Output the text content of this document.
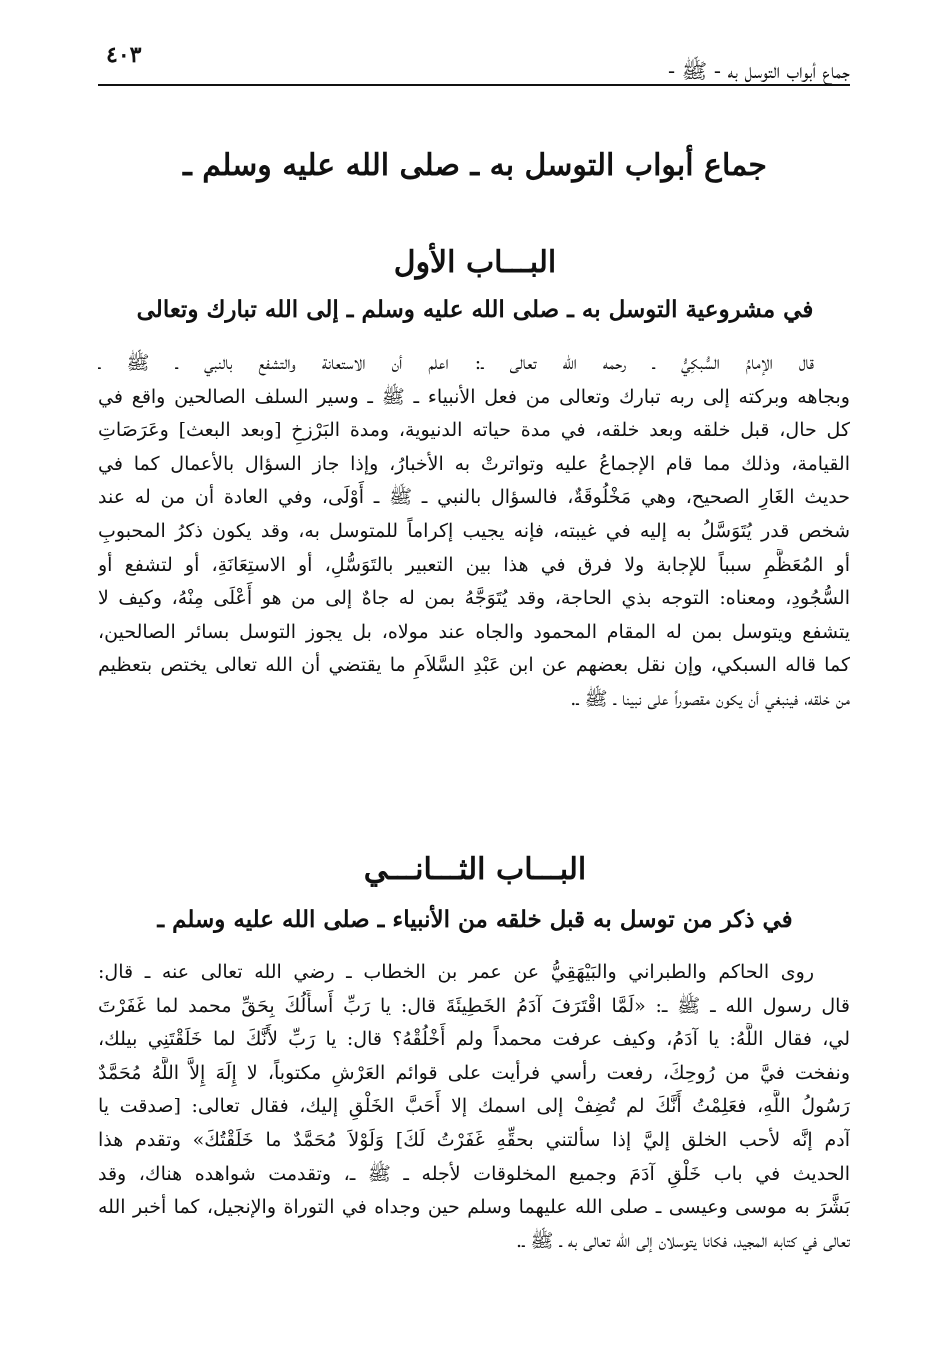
جماع أبواب التوسل به - ﷺ -
٤٠٣
جماع أبواب التوسل به ـ صلى الله عليه وسلم ـ
البـــاب الأول
في مشروعية التوسل به ـ صلى الله عليه وسلم ـ إلى الله تبارك وتعالى
قال الإمامُ السُّبكِيُّ ـ رحمه الله تعالى ـ: اعلم أن الاستعانة والتشفع بالنبي ـ ﷺ ـ
وبجاهه وبركته إلى ربه تبارك وتعالى من فعل الأنبياء ـ ﷺ ـ وسير السلف الصالحين واقع في
كل حال، قبل خلقه وبعد خلقه، في مدة حياته الدنيوية، ومدة البَرْزخِ [وبعد البعث] وعَرَصَاتِ
القيامة، وذلك مما قام الإجماعُ عليه وتواترتْ به الأخبارُ، وإذا جاز السؤال بالأعمال كما في
حديث الغَارِ الصحيح، وهي مَخْلُوقَةٌ، فالسؤال بالنبي ـ ﷺ ـ أَوْلَى، وفي العادة أن من له عند
شخص قدر يُتَوَسَّلُ به إليه في غيبته، فإنه يجيب إكراماً للمتوسل به، وقد يكون ذكرُ المحبوبِ
أو المُعَظَّمِ سبباً للإجابة ولا فرق في هذا بين التعبير بالتَوَسُّلِ، أو الاستِعَانَةِ، أو لتشفع أو
السُّجُودِ، ومعناه: التوجه بذي الحاجة، وقد يُتَوَجَّهُ بمن له جاهٌ إلى من هو أَعْلَى مِنْهُ، وكيف لا
يتشفع ويتوسل بمن له المقام المحمود والجاه عند مولاه، بل يجوز التوسل بسائر الصالحين،
كما قاله السبكي، وإن نقل بعضهم عن ابن عَبْدِ السَّلاَمِ ما يقتضي أن الله تعالى يختص بتعظيم
من خلقه، فينبغي أن يكون مقصوراً على نبينا ـ ﷺ ـ.
البـــاب الثـــانـــي
في ذكر من توسل به قبل خلقه من الأنبياء ـ صلى الله عليه وسلم ـ
روى الحاكم والطبراني والبَيْهَقِيُّ عن عمر بن الخطاب ـ رضي الله تعالى عنه ـ قال:
قال رسول الله ـ ﷺ ـ: «لَمَّا اقْتَرَفَ آدَمُ الخَطِيئَةَ قال: يا رَبِّ أَسأَلُكَ بِحَقِّ محمد لما غَفَرْتَ
لي، فقال اللَّهُ: يا آدَمُ، وكيف عرفت محمداً ولم أَخْلُقْهُ؟ قال: يا رَبِّ لأَنَّكَ لما خَلَقْتَنِي بيلك،
ونفخت فيَّ من رُوحِكَ، رفعت رأسي فرأيت على قوائم العَرْشِ مكتوباً، لا إِلَهَ إِلاَّ اللَّهُ مُحَمَّدٌ
رَسُولُ اللَّهِ، فعَلِمْتُ أَنَّكَ لم تُضِفْ إلى اسمك إلا أَحَبَّ الخَلْقِ إليك، فقال تعالى: [صدقت يا
آدم إنَّه لأحب الخلق إليَّ إذا سألتني بحقِّهِ غَفَرْتُ لَكَ] وَلَوْلاَ مُحَمَّدٌ ما خَلَقْتُكَ» وتقدم هذا
الحديث في باب خَلْقِ آدَمَ وجميع المخلوقات لأجله ـ ﷺ ـ، وتقدمت شواهده هناك، وقد
بَشَّرَ به موسى وعيسى ـ صلى الله عليهما وسلم حين وجداه في التوراة والإنجيل، كما أخبر الله
تعالى في كتابه المجيد، فكانا يتوسلان إلى الله تعالى به ـ ﷺ ـ.
